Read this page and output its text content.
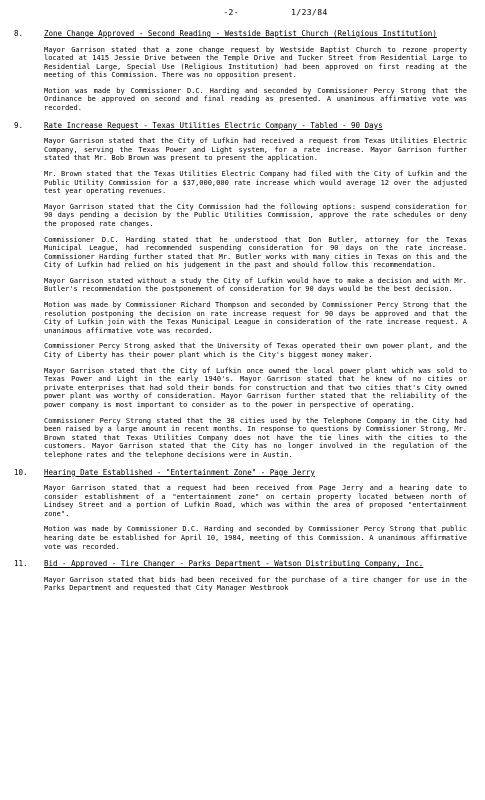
-2-	1/23/84
8.	Zone Change Approved - Second Reading - Westside Baptist Church (Religious Institution)

Mayor Garrison stated that a zone change request by Westside Baptist Church to rezone property located at 1415 Jessie Drive between the Temple Drive and Tucker Street from Residential Large to Residential Large, Special Use (Religious Institution) had been approved on first reading at the meeting of this Commission. There was no opposition present.

Motion was made by Commissioner D.C. Harding and seconded by Commissioner Percy Strong that the Ordinance be approved on second and final reading as presented. A unanimous affirmative vote was recorded.

9.	Rate Increase Request - Texas Utilities Electric Company - Tabled - 90 Days

Mayor Garrison stated that the City of Lufkin had received a request from Texas Utilities Electric Company, serving the Texas Power and Light system, for a rate increase. Mayor Garrison further stated that Mr. Bob Brown was present to present the application.

Mr. Brown stated that the Texas Utilities Electric Company had filed with the City of Lufkin and the Public Utility Commission for a $37,000,000 rate increase which would average 12 over the adjusted test year operating revenues.

Mayor Garrison stated that the City Commission had the following options: suspend consideration for 90 days pending a decision by the Public Utilities Commission, approve the rate schedules or deny the proposed rate changes.

Commissioner D.C. Harding stated that he understood that Don Butler, attorney for the Texas Municipal League, had recommended suspending consideration for 90 days on the rate increase. Commissioner Harding further stated that Mr. Butler works with many cities in Texas on this and the City of Lufkin had relied on his judgement in the past and should follow this recommendation.

Mayor Garrison stated without a study the City of Lufkin would have to make a decision and with Mr. Butler's recommendation the postponement of consideration for 90 days would be the best decision.

Motion was made by Commissioner Richard Thompson and seconded by Commissioner Percy Strong that the resolution postponing the decision on rate increase request for 90 days be approved and that the City of Lufkin join with the Texas Municipal League in consideration of the rate increase request. A unanimous affirmative vote was recorded.

Commissioner Percy Strong asked that the University of Texas operated their own power plant, and the City of Liberty has their power plant which is the City's biggest money maker.

Mayor Garrison stated that the City of Lufkin once owned the local power plant which was sold to Texas Power and Light in the early 1940's. Mayor Garrison stated that he knew of no cities or private enterprises that had sold their bonds for construction and that two cities that's City owned power plant was worthy of consideration. Mayor Garrison further stated that the reliability of the power company is most important to consider as to the power in perspective of operating.

Commissioner Percy Strong stated that the 38 cities used by the Telephone Company in the City had been raised by a large amount in recent months. In response to questions by Commissioner Strong, Mr. Brown stated that Texas Utilities Company does not have the tie lines with the cities to the customers. Mayor Garrison stated that the City has no longer involved in the regulation of the telephone rates and the telephone decisions were in Austin.

10. Hearing Date Established - "Entertainment Zone" - Page Jerry

Mayor Garrison stated that a request had been received from Page Jerry and a hearing date to consider establishment of a "entertainment zone" on certain property located between north of Lindsey Street and a portion of Lufkin Road, which was within the area of proposed "entertainment zone".

Motion was made by Commissioner D.C. Harding and seconded by Commissioner Percy Strong that public hearing date be established for April 10, 1984, meeting of this Commission. A unanimous affirmative vote was recorded.

11. Bid - Approved - Tire Changer - Parks Department - Watson Distributing Company, Inc.

Mayor Garrison stated that bids had been received for the purchase of a tire changer for use in the Parks Department and requested that City Manager Westbrook
